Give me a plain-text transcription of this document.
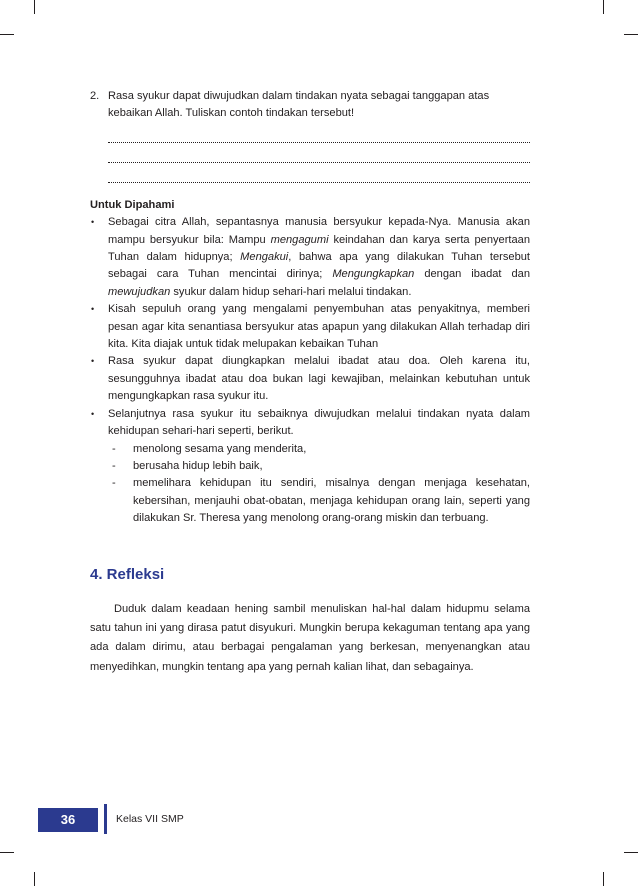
2. Rasa syukur dapat diwujudkan dalam tindakan nyata sebagai tanggapan atas
kebaikan Allah. Tuliskan contoh tindakan tersebut!
Untuk Dipahami
• Sebagai citra Allah, sepantasnya manusia bersyukur kepada-Nya. Manusia akan mampu bersyukur bila: Mampu mengagumi keindahan dan karya serta penyertaan Tuhan dalam hidupnya; Mengakui, bahwa apa yang dilakukan Tuhan tersebut sebagai cara Tuhan mencintai dirinya; Mengungkapkan dengan ibadat dan mewujudkan syukur dalam hidup sehari-hari melalui tindakan.
• Kisah sepuluh orang yang mengalami penyembuhan atas penyakitnya, memberi pesan agar kita senantiasa bersyukur atas apapun yang dilakukan Allah terhadap diri kita. Kita diajak untuk tidak melupakan kebaikan Tuhan
• Rasa syukur dapat diungkapkan melalui ibadat atau doa. Oleh karena itu, sesungguhnya ibadat atau doa bukan lagi kewajiban, melainkan kebutuhan untuk mengungkapkan rasa syukur itu.
• Selanjutnya rasa syukur itu sebaiknya diwujudkan melalui tindakan nyata dalam kehidupan sehari-hari seperti, berikut.
- menolong sesama yang menderita,
- berusaha hidup lebih baik,
- memelihara kehidupan itu sendiri, misalnya dengan menjaga kesehatan, kebersihan, menjauhi obat-obatan, menjaga kehidupan orang lain, seperti yang dilakukan Sr. Theresa yang menolong orang-orang miskin dan terbuang.
4. Refleksi

Duduk dalam keadaan hening sambil menuliskan hal-hal dalam hidupmu selama satu tahun ini yang dirasa patut disyukuri. Mungkin berupa kekaguman tentang apa yang ada dalam dirimu, atau berbagai pengalaman yang berkesan, menyenangkan atau menyedihkan, mungkin tentang apa yang pernah kalian lihat, dan sebagainya.

36	Kelas VII SMP
